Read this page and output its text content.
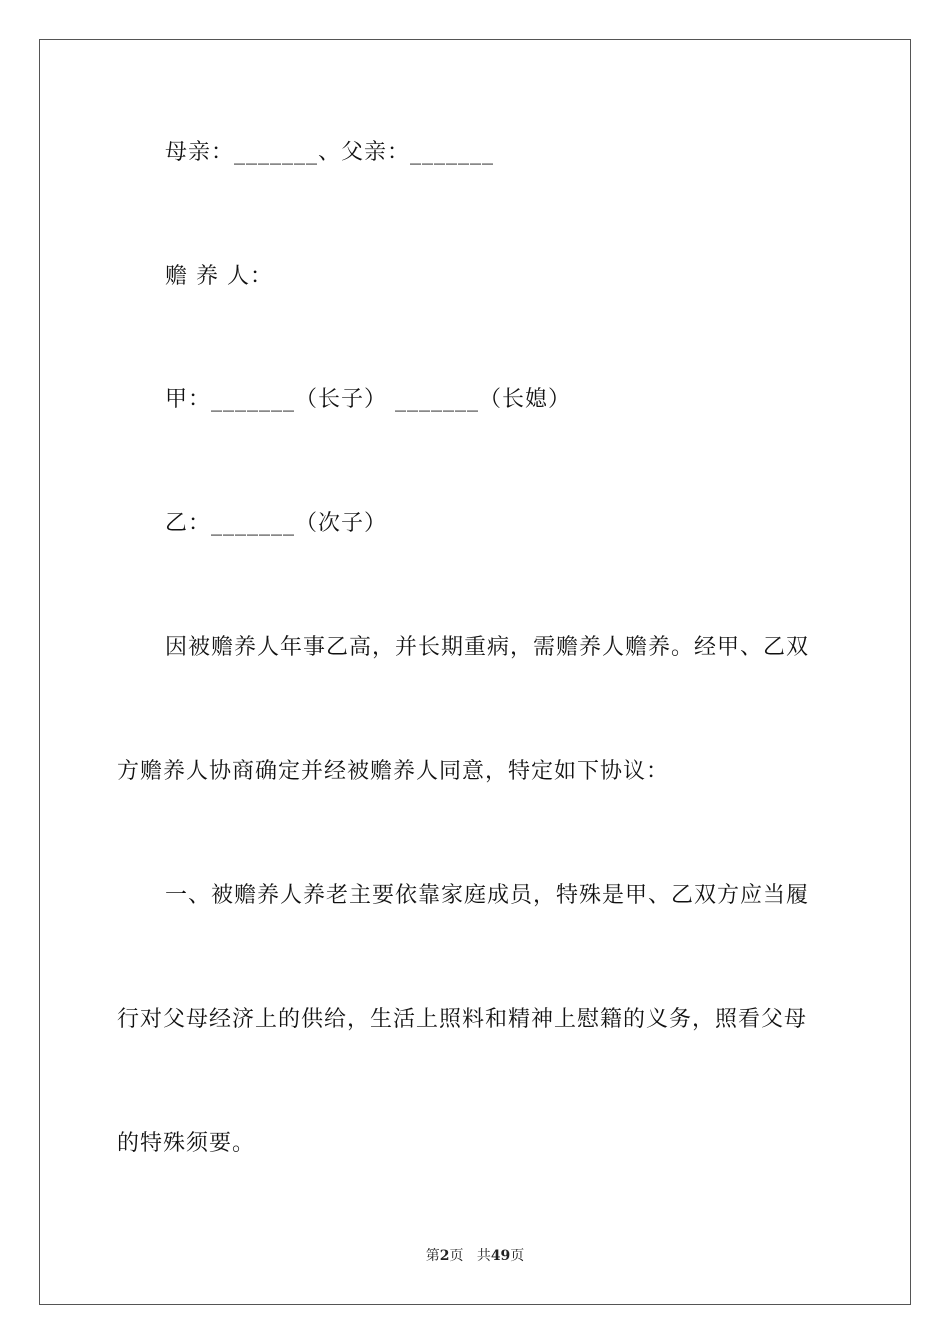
母亲：_______、父亲：_______
赡 养 人：
甲：_______（长子） _______（长媳）
乙：_______（次子）
因被赡养人年事乙高，并长期重病，需赡养人赡养。经甲、乙双
方赡养人协商确定并经被赡养人同意，特定如下协议：
一、被赡养人养老主要依靠家庭成员，特殊是甲、乙双方应当履
行对父母经济上的供给，生活上照料和精神上慰籍的义务，照看父母
的特殊须要。
第2页 共49页
